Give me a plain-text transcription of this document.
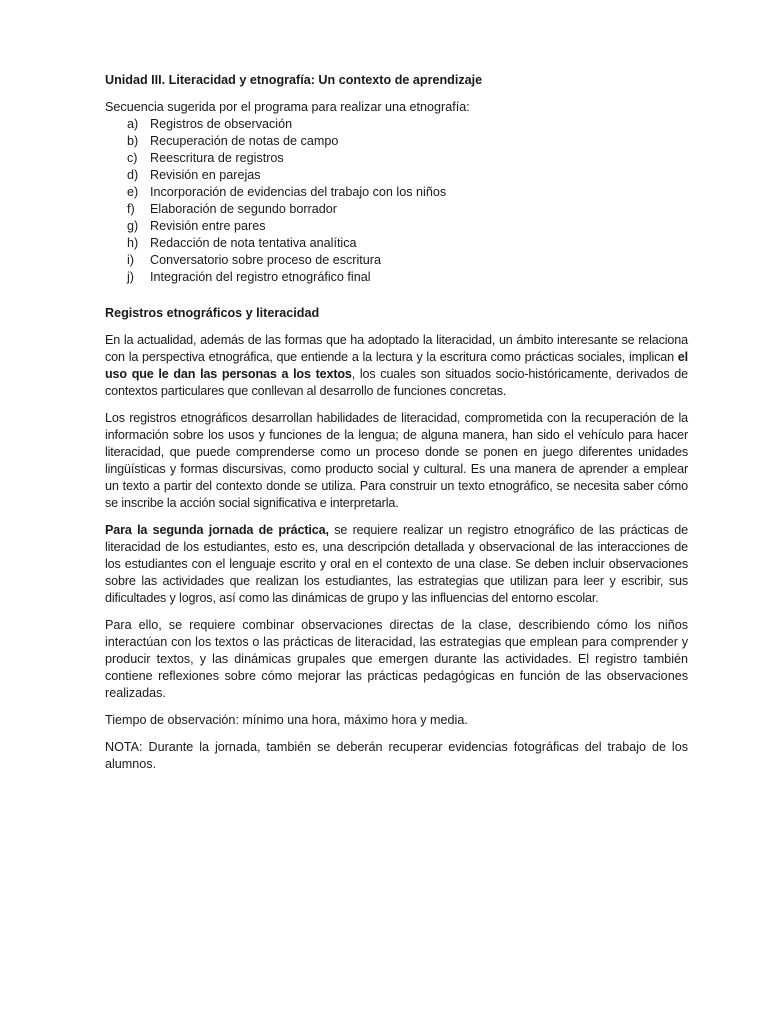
Unidad III. Literacidad y etnografía: Un contexto de aprendizaje

Secuencia sugerida por el programa para realizar una etnografía:

a) Registros de observación
b) Recuperación de notas de campo
c) Reescritura de registros
d) Revisión en parejas
e) Incorporación de evidencias del trabajo con los niños
f)	Elaboración de segundo borrador
g) Revisión entre pares
h) Redacción de nota tentativa analítica
i)	Conversatorio sobre proceso de escritura
j)	Integración del registro etnográfico final

Registros etnográficos y literacidad

En la actualidad, además de las formas que ha adoptado la literacidad, un ámbito interesante se relaciona con la perspectiva etnográfica, que entiende a la lectura y la escritura como prácticas sociales, implican el uso que le dan las personas a los textos, los cuales son situados socio-históricamente, derivados de contextos particulares que conllevan al desarrollo de funciones concretas.

Los registros etnográficos desarrollan habilidades de literacidad, comprometida con la recuperación de la información sobre los usos y funciones de la lengua; de alguna manera, han sido el vehículo para hacer literacidad, que puede comprenderse como un proceso donde se ponen en juego diferentes unidades lingüísticas y formas discursivas, como producto social y cultural. Es una manera de aprender a emplear un texto a partir del contexto donde se utiliza. Para construir un texto etnográfico, se necesita saber cómo se inscribe la acción social significativa e interpretarla.

Para la segunda jornada de práctica, se requiere realizar un registro etnográfico de las prácticas de literacidad de los estudiantes, esto es, una descripción detallada y observacional de las interacciones de los estudiantes con el lenguaje escrito y oral en el contexto de una clase. Se deben incluir observaciones sobre las actividades que realizan los estudiantes, las estrategias que utilizan para leer y escribir, sus dificultades y logros, así como las dinámicas de grupo y las influencias del entorno escolar.

Para ello, se requiere combinar observaciones directas de la clase, describiendo cómo los niños interactúan con los textos o las prácticas de literacidad, las estrategias que emplean para comprender y producir textos, y las dinámicas grupales que emergen durante las actividades. El registro también contiene reflexiones sobre cómo mejorar las prácticas pedagógicas en función de las observaciones realizadas.

Tiempo de observación: mínimo una hora, máximo hora y media.

NOTA: Durante la jornada, también se deberán recuperar evidencias fotográficas del trabajo de los alumnos.
